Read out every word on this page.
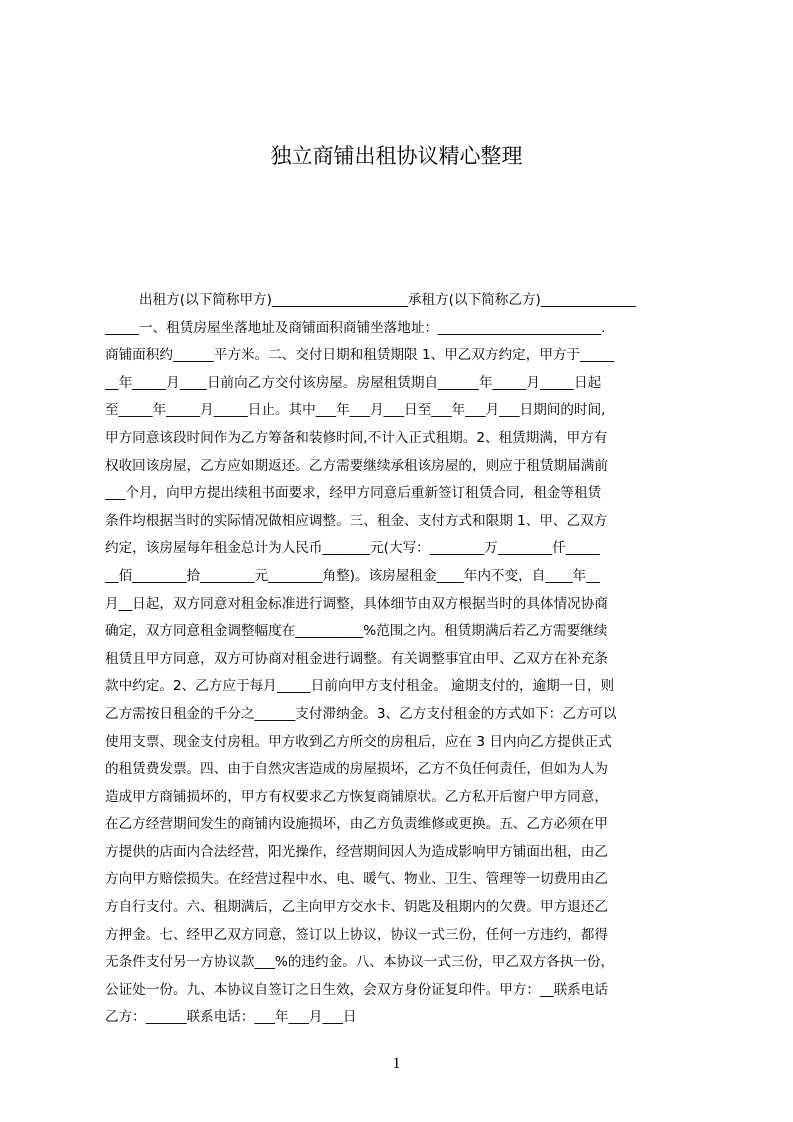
独立商铺出租协议精心整理
出租方(以下简称甲方)____________________承租方(以下简称乙方)______________
_____一、租赁房屋坐落地址及商铺面积商铺坐落地址：________________________.
商铺面积约______平方米。二、交付日期和租赁期限 1、甲乙双方约定，甲方于_____
__年_____月____日前向乙方交付该房屋。房屋租赁期自______年_____月_____日起
至_____年_____月_____日止。其中___年___月___日至___年___月___日期间的时间,
甲方同意该段时间作为乙方筹备和装修时间,不计入正式租期。2、租赁期满，甲方有
权收回该房屋，乙方应如期返还。乙方需要继续承租该房屋的，则应于租赁期届满前
___个月，向甲方提出续租书面要求，经甲方同意后重新签订租赁合同，租金等租赁
条件均根据当时的实际情况做相应调整。三、租金、支付方式和限期 1、甲、乙双方
约定，该房屋每年租金总计为人民币_______元(大写：________万________仟_____
__佰________拾________元________角整)。该房屋租金____年内不变，自____年__
月__日起，双方同意对租金标准进行调整，具体细节由双方根据当时的具体情况协商
确定，双方同意租金调整幅度在__________%范围之内。租赁期满后若乙方需要继续
租赁且甲方同意，双方可协商对租金进行调整。有关调整事宜由甲、乙双方在补充条
款中约定。2、乙方应于每月_____日前向甲方支付租金。 逾期支付的，逾期一日，则
乙方需按日租金的千分之______支付滞纳金。3、乙方支付租金的方式如下：乙方可以
使用支票、现金支付房租。甲方收到乙方所交的房租后，应在 3 日内向乙方提供正式
的租赁费发票。四、由于自然灾害造成的房屋损坏，乙方不负任何责任，但如为人为
造成甲方商铺损坏的，甲方有权要求乙方恢复商铺原状。乙方私开后窗户甲方同意，
在乙方经营期间发生的商铺内设施损坏，由乙方负责维修或更换。五、乙方必须在甲
方提供的店面内合法经营，阳光操作，经营期间因人为造成影响甲方铺面出租，由乙
方向甲方赔偿损失。在经营过程中水、电、暖气、物业、卫生、管理等一切费用由乙
方自行支付。六、租期满后，乙主向甲方交水卡、钥匙及租期内的欠费。甲方退还乙
方押金。七、经甲乙双方同意，签订以上协议，协议一式三份，任何一方违约，都得
无条件支付另一方协议款___%的违约金。八、本协议一式三份，甲乙双方各执一份，
公证处一份。九、本协议自签订之日生效，会双方身份证复印件。甲方：__联系电话
乙方：______联系电话：___年___月___日
1
